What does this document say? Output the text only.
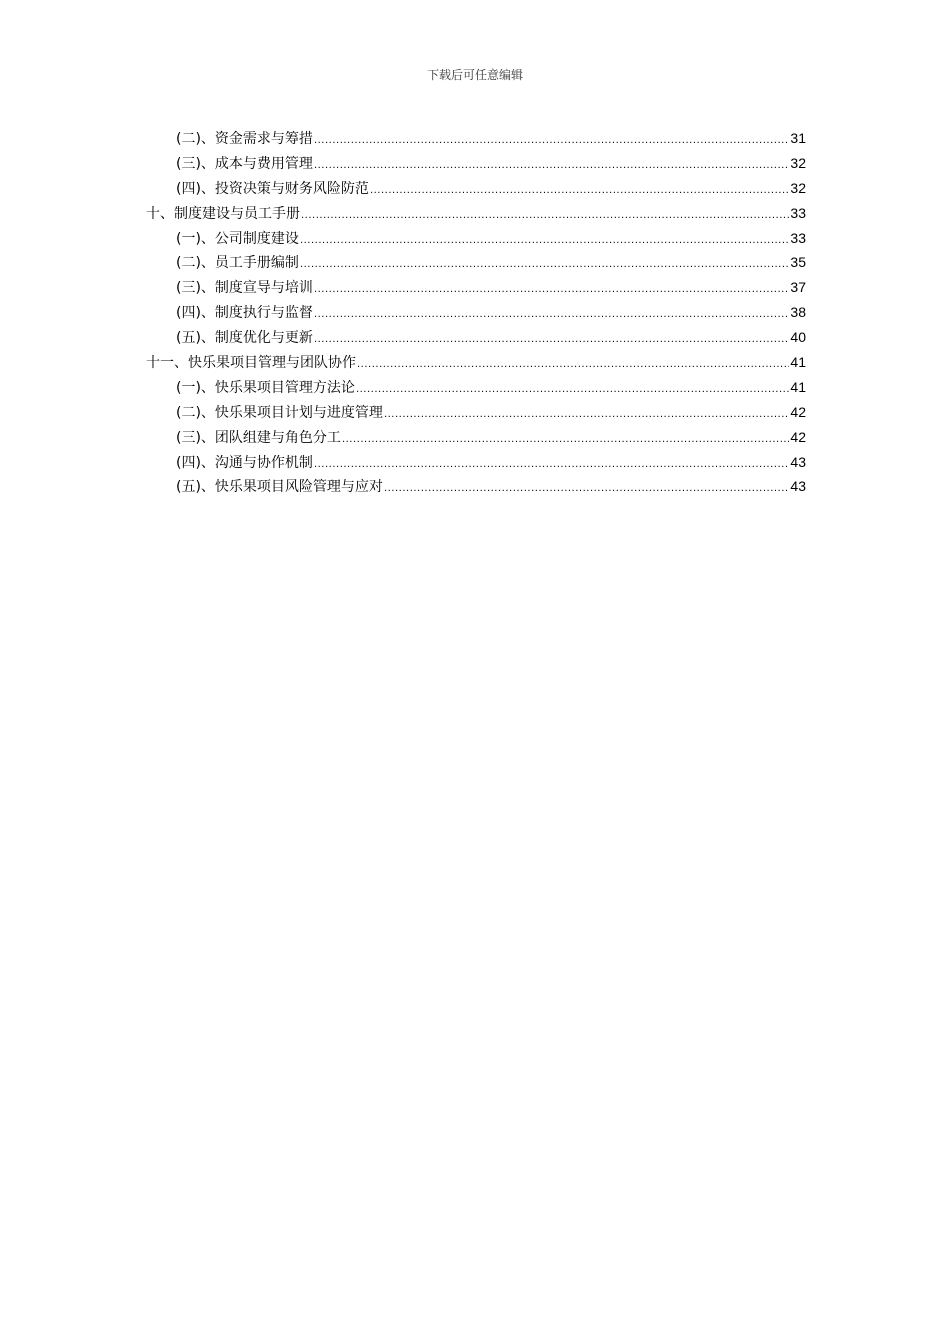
下载后可任意编辑
(二)、资金需求与筹措 .....	31
(三)、成本与费用管理 .....	32
(四)、投资决策与财务风险防范 .....	32
十、制度建设与员工手册 .....	33
(一)、公司制度建设 .....	33
(二)、员工手册编制 .....	35
(三)、制度宣导与培训 .....	37
(四)、制度执行与监督 .....	38
(五)、制度优化与更新 .....	40
十一、快乐果项目管理与团队协作 .....	41
(一)、快乐果项目管理方法论 .....	41
(二)、快乐果项目计划与进度管理 .....	42
(三)、团队组建与角色分工 .....	42
(四)、沟通与协作机制 .....	43
(五)、快乐果项目风险管理与应对 .....	43
